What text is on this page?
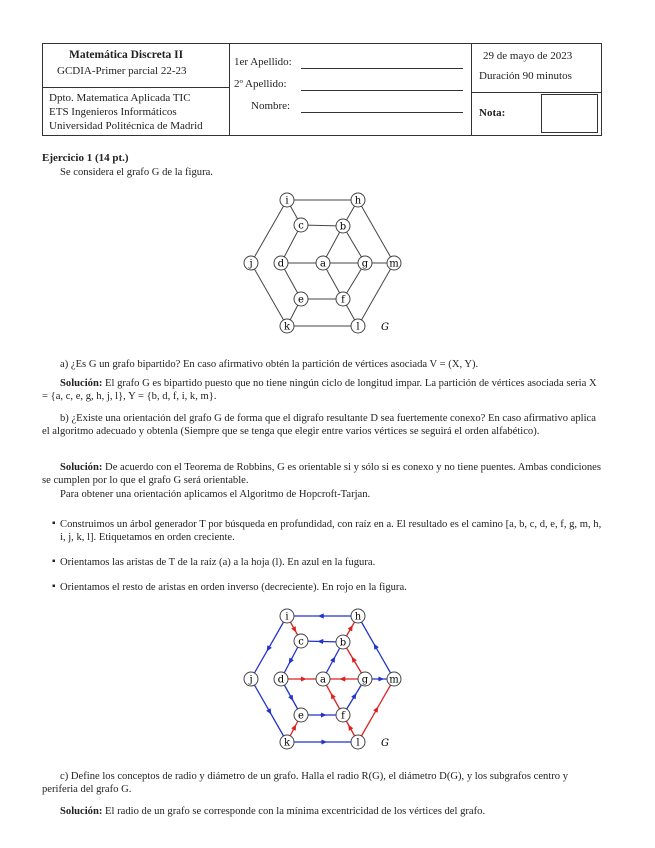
Matemática Discreta II
GCDIA-Primer parcial 22-23
Dpto. Matematica Aplicada TIC
ETS Ingenieros Informáticos
Universidad Politécnica de Madrid
1er Apellido:
2º Apellido:
Nombre:
29 de mayo de 2023
Duración 90 minutos
Nota:
Ejercicio 1 (14 pt.)
Se considera el grafo G de la figura.
a
b
c
d
e	f
g
h
i
j
k	l
m
G
a
b
c
d
e	f
g
h
i
j
k	l
m
G
a) ¿Es G un grafo bipartido? En caso afirmativo obtén la partición de vértices asociada V = (X, Y).
Solución: El grafo G es bipartido puesto que no tiene ningún ciclo de longitud impar. La partición de vértices asociada seria X = {a, c, e, g, h, j, l}, Y = {b, d, f, i, k, m}.
b) ¿Existe una orientación del grafo G de forma que el digrafo resultante D sea fuertemente conexo? En caso afirmativo aplica el algoritmo adecuado y obtenla (Siempre que se tenga que elegir entre varios vértices se seguirá el orden alfabético).
Solución: De acuerdo con el Teorema de Robbins, G es orientable si y sólo si es conexo y no tiene puentes. Ambas condiciones se cumplen por lo que el grafo G será orientable.
Para obtener una orientación aplicamos el Algoritmo de Hopcroft-Tarjan.
▪ Construimos un árbol generador T por búsqueda en profundidad, con raíz en a. El resultado es el camino [a, b, c, d, e, f, g, m, h, i, j, k, l]. Etiquetamos en orden creciente.
▪ Orientamos las aristas de T de la raíz (a) a la hoja (l). En azul en la fugura.
▪ Orientamos el resto de aristas en orden inverso (decreciente). En rojo en la figura.
c) Define los conceptos de radio y diámetro de un grafo. Halla el radio R(G), el diámetro D(G), y los subgrafos centro y periferia del grafo G.
Solución: El radio de un grafo se corresponde con la mínima excentricidad de los vértices del grafo.
